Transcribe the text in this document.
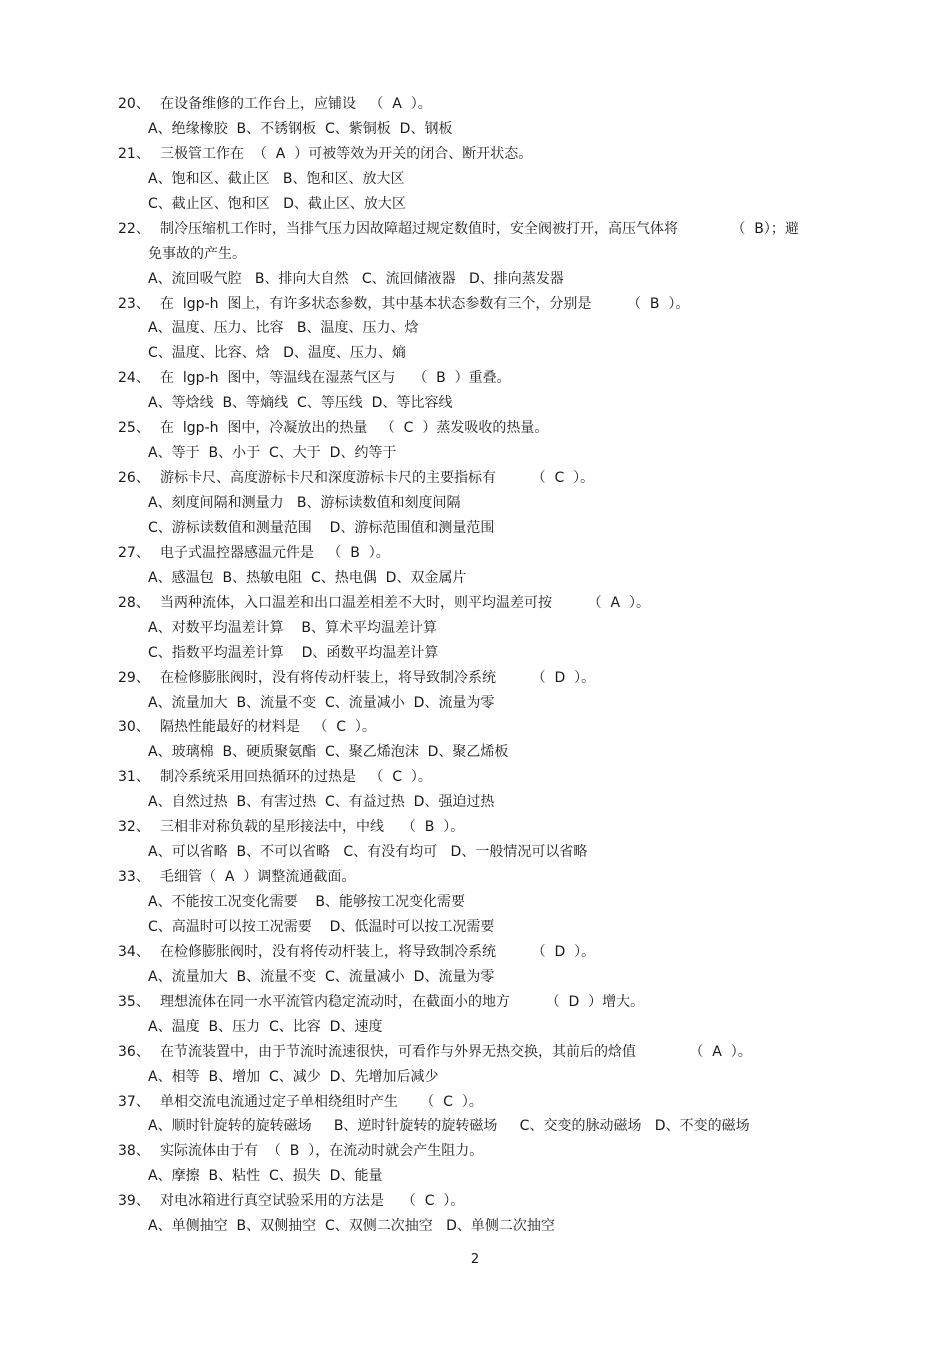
20、 在设备维修的工作台上，应铺设   （  A  ）。
A、绝缘橡胶  B、不锈钢板  C、紫铜板  D、钢板
21、 三极管工作在  （  A  ）可被等效为开关的闭合、断开状态。
A、饱和区、截止区   B、饱和区、放大区
C、截止区、饱和区   D、截止区、放大区
22、 制冷压缩机工作时，当排气压力因故障超过规定数值时，安全阀被打开，高压气体将            （  B）；避
免事故的产生。
A、流回吸气腔   B、排向大自然   C、流回储液器   D、排向蒸发器
23、 在  lgp-h  图上，有许多状态参数，其中基本状态参数有三个，分别是        （  B  ）。
A、温度、压力、比容   B、温度、压力、焓
C、温度、比容、焓   D、温度、压力、熵
24、 在  lgp-h  图中，等温线在湿蒸气区与    （  B  ）重叠。
A、等焓线  B、等熵线  C、等压线  D、等比容线
25、 在  lgp-h  图中，冷凝放出的热量   （  C  ）蒸发吸收的热量。
A、等于  B、小于  C、大于  D、约等于
26、 游标卡尺、高度游标卡尺和深度游标卡尺的主要指标有        （  C  ）。
A、刻度间隔和测量力   B、游标读数值和刻度间隔
C、游标读数值和测量范围    D、游标范围值和测量范围
27、 电子式温控器感温元件是   （  B  ）。
A、感温包  B、热敏电阻  C、热电偶  D、双金属片
28、 当两种流体，入口温差和出口温差相差不大时，则平均温差可按        （  A  ）。
A、对数平均温差计算    B、算术平均温差计算
C、指数平均温差计算    D、函数平均温差计算
29、 在检修膨胀阀时，没有将传动杆装上，将导致制冷系统        （  D  ）。
A、流量加大  B、流量不变  C、流量减小  D、流量为零
30、 隔热性能最好的材料是   （  C  ）。
A、玻璃棉  B、硬质聚氨酯  C、聚乙烯泡沫  D、聚乙烯板
31、 制冷系统采用回热循环的过热是   （  C  ）。
A、自然过热  B、有害过热  C、有益过热  D、强迫过热
32、 三相非对称负载的星形接法中，中线    （  B  ）。
A、可以省略  B、不可以省略   C、有没有均可   D、一般情况可以省略
33、 毛细管（  A  ）调整流通截面。
A、不能按工况变化需要    B、能够按工况变化需要
C、高温时可以按工况需要    D、低温时可以按工况需要
34、 在检修膨胀阀时，没有将传动杆装上，将导致制冷系统        （  D  ）。
A、流量加大  B、流量不变  C、流量减小  D、流量为零
35、 理想流体在同一水平流管内稳定流动时，在截面小的地方        （  D  ）增大。
A、温度  B、压力  C、比容  D、速度
36、 在节流装置中，由于节流时流速很快，可看作与外界无热交换，其前后的焓值            （  A  ）。
A、相等  B、增加  C、减少  D、先增加后减少
37、 单相交流电流通过定子单相绕组时产生     （  C  ）。
A、顺时针旋转的旋转磁场     B、逆时针旋转的旋转磁场     C、交变的脉动磁场   D、不变的磁场
38、 实际流体由于有  （  B  ），在流动时就会产生阻力。
A、摩擦  B、粘性  C、损失  D、能量
39、 对电冰箱进行真空试验采用的方法是    （  C  ）。
A、单侧抽空  B、双侧抽空  C、双侧二次抽空   D、单侧二次抽空
2
